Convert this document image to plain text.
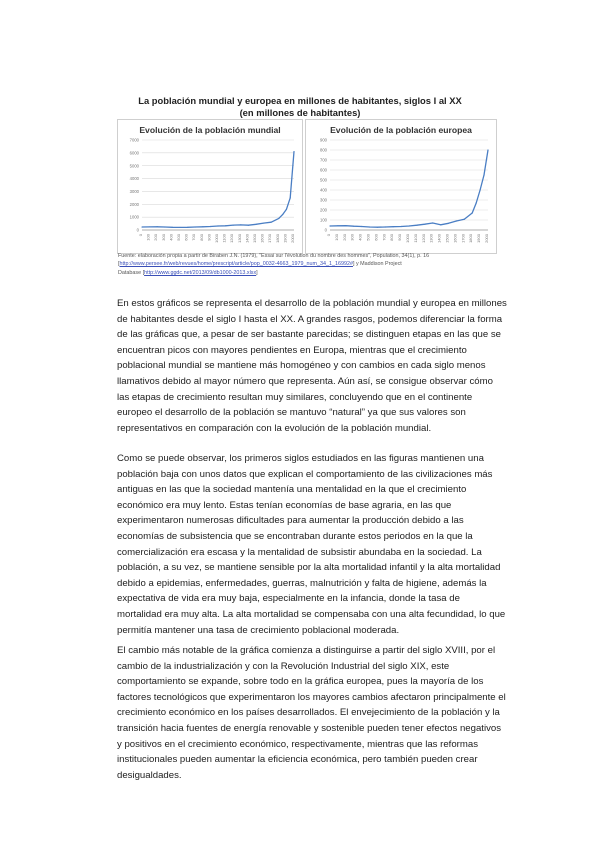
La población mundial y europea en millones de habitantes, siglos I al XX
(en millones de habitantes)
Evolución de la población mundial
0
1000
2000
3000
4000
5000
6000
7000
0 100 200 300 400 500 600 700 800 900 1000 1100 1200 1300 1400 1500 1600 1700 1800 1900 2000
Evolución de la población europea
0
100
200
300
400
500
600
700
800
900
0 100 200 300 400 500 600 700 800 900 1000 1100 1200 1300 1400 1500 1600 1700 1800 1900 2000
Fuente: elaboración propia a partir de Biraben J.N. (1979), "Essai sur l'évolution du nombre des hommes", Population, 34(1), p. 16
[http://www.persee.fr/web/revues/home/prescript/article/pop_0032-4663_1979_num_34_1_16992#] y Maddison Project
Database [http://www.ggdc.net/2013/09/db1000-2013.xlsx]
En estos gráficos se representa el desarrollo de la población mundial y europea en millones de habitantes desde el siglo I hasta el XX. A grandes rasgos, podemos diferenciar la forma de las gráficas que, a pesar de ser bastante parecidas; se distinguen etapas en las que se encuentran picos con mayores pendientes en Europa, mientras que el crecimiento poblacional mundial se mantiene más homogéneo y con cambios en cada siglo menos llamativos debido al mayor número que representa. Aún así, se consigue observar cómo las etapas de crecimiento resultan muy similares, concluyendo que en el continente europeo el desarrollo de la población se mantuvo “natural” ya que sus valores son representativos en comparación con la evolución de la población mundial.
Como se puede observar, los primeros siglos estudiados en las figuras mantienen una población baja con unos datos que explican el comportamiento de las civilizaciones más antiguas en las que la sociedad mantenía una mentalidad en la que el crecimiento económico era muy lento. Estas tenían economías de base agraria, en las que experimentaron numerosas dificultades para aumentar la producción debido a las economías de subsistencia que se encontraban durante estos periodos en la que la comercialización era escasa y la mentalidad de subsistir abundaba en la sociedad. La población, a su vez, se mantiene sensible por la alta mortalidad infantil y la alta mortalidad debido a epidemias, enfermedades, guerras, malnutrición y falta de higiene, además la expectativa de vida era muy baja, especialmente en la infancia, donde la tasa de mortalidad era muy alta. La alta mortalidad se compensaba con una alta fecundidad, lo que permitía mantener una tasa de crecimiento poblacional moderada.
El cambio más notable de la gráfica comienza a distinguirse a partir del siglo XVIII, por el cambio de la industrialización y con la Revolución Industrial del siglo XIX, este comportamiento se expande, sobre todo en la gráfica europea, pues la mayoría de los factores tecnológicos que experimentaron los mayores cambios afectaron principalmente el crecimiento económico en los países desarrollados. El envejecimiento de la población y la transición hacia fuentes de energía renovable y sostenible pueden tener efectos negativos y positivos en el crecimiento económico, respectivamente, mientras que las reformas institucionales pueden aumentar la eficiencia económica, pero también pueden crear desigualdades.
